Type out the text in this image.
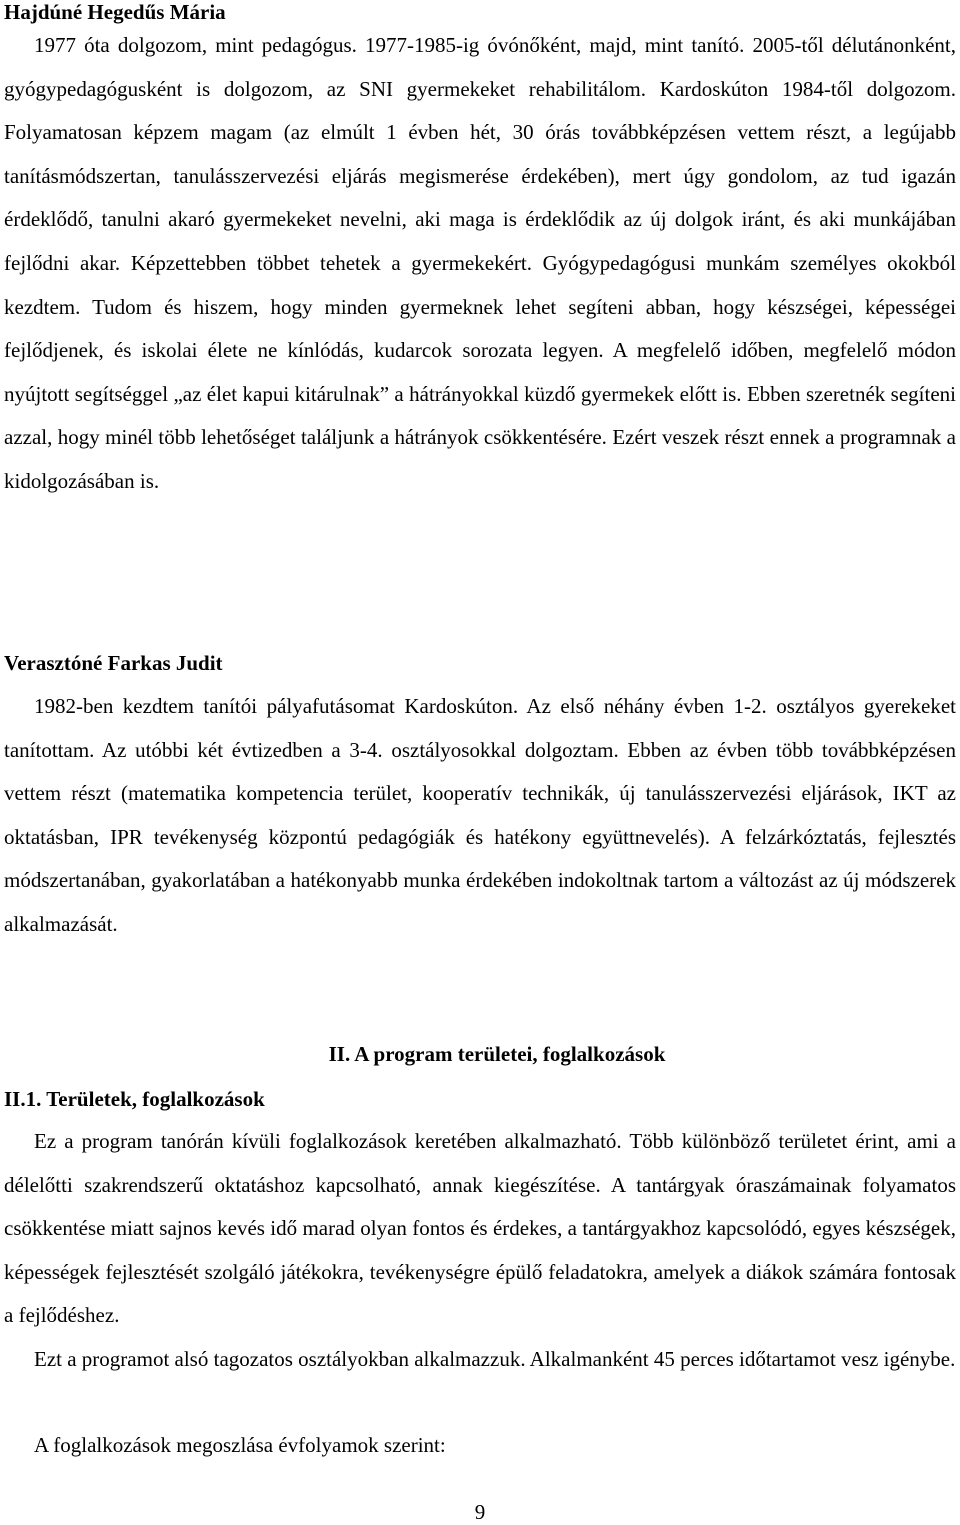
Hajdúné Hegedűs Mária

1977 óta dolgozom, mint pedagógus. 1977-1985-ig óvónőként, majd, mint tanító. 2005-től délutánonként, gyógypedagógusként is dolgozom, az SNI gyermekeket rehabilitálom. Kardoskúton 1984-től dolgozom. Folyamatosan képzem magam (az elmúlt 1 évben hét, 30 órás továbbképzésen vettem részt, a legújabb tanításmódszertan, tanulásszervezési eljárás megismerése érdekében), mert úgy gondolom, az tud igazán érdeklődő, tanulni akaró gyermekeket nevelni, aki maga is érdeklődik az új dolgok iránt, és aki munkájában fejlődni akar. Képzettebben többet tehetek a gyermekekért. Gyógypedagógusi munkám személyes okokból kezdtem. Tudom és hiszem, hogy minden gyermeknek lehet segíteni abban, hogy készségei, képességei fejlődjenek, és iskolai élete ne kínlódás, kudarcok sorozata legyen. A megfelelő időben, megfelelő módon nyújtott segítséggel „az élet kapui kitárulnak” a hátrányokkal küzdő gyermekek előtt is. Ebben szeretnék segíteni azzal, hogy minél több lehetőséget találjunk a hátrányok csökkentésére. Ezért veszek részt ennek a programnak a kidolgozásában is.

Verasztóné Farkas Judit

1982-ben kezdtem tanítói pályafutásomat Kardoskúton. Az első néhány évben 1-2. osztályos gyerekeket tanítottam. Az utóbbi két évtizedben a 3-4. osztályosokkal dolgoztam. Ebben az évben több továbbképzésen vettem részt (matematika kompetencia terület, kooperatív technikák, új tanulásszervezési eljárások, IKT az oktatásban, IPR tevékenység központú pedagógiák és hatékony együttnevelés). A felzárkóztatás, fejlesztés módszertanában, gyakorlatában a hatékonyabb munka érdekében indokoltnak tartom a változást az új módszerek alkalmazását.

II. A program területei, foglalkozások
II.1. Területek, foglalkozások

Ez a program tanórán kívüli foglalkozások keretében alkalmazható. Több különböző területet érint, ami a délelőtti szakrendszerű oktatáshoz kapcsolható, annak kiegészítése. A tantárgyak óraszámainak folyamatos csökkentése miatt sajnos kevés idő marad olyan fontos és érdekes, a tantárgyakhoz kapcsolódó, egyes készségek, képességek fejlesztését szolgáló játékokra, tevékenységre épülő feladatokra, amelyek a diákok számára fontosak a fejlődéshez.

Ezt a programot alsó tagozatos osztályokban alkalmazzuk. Alkalmanként 45 perces időtartamot vesz igénybe.

A foglalkozások megoszlása évfolyamok szerint:

9
